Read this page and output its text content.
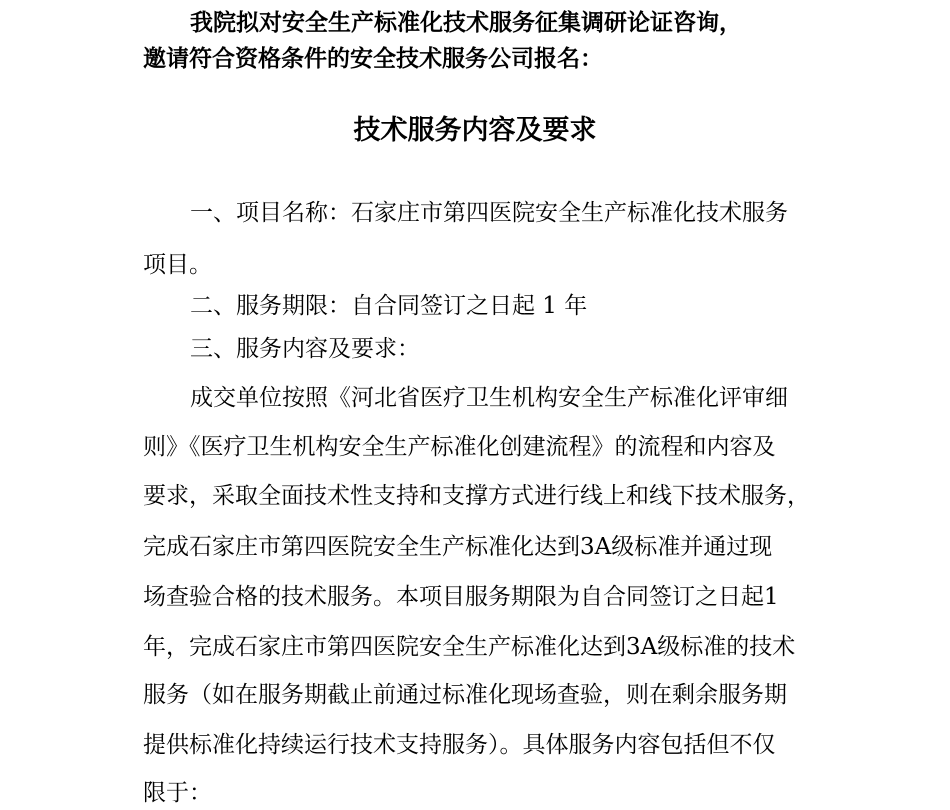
我院拟对安全生产标准化技术服务征集调研论证咨询，
邀请符合资格条件的安全技术服务公司报名：
技术服务内容及要求
一、项目名称：石家庄市第四医院安全生产标准化技术服务
项目。
二、服务期限：自合同签订之日起 1 年
三、服务内容及要求：
成交单位按照《河北省医疗卫生机构安全生产标准化评审细
则》《医疗卫生机构安全生产标准化创建流程》的流程和内容及
要求，采取全面技术性支持和支撑方式进行线上和线下技术服务，
完成石家庄市第四医院安全生产标准化达到3A级标准并通过现
场查验合格的技术服务。本项目服务期限为自合同签订之日起1
年，完成石家庄市第四医院安全生产标准化达到3A级标准的技术
服务（如在服务期截止前通过标准化现场查验，则在剩余服务期
提供标准化持续运行技术支持服务）。具体服务内容包括但不仅
限于：
